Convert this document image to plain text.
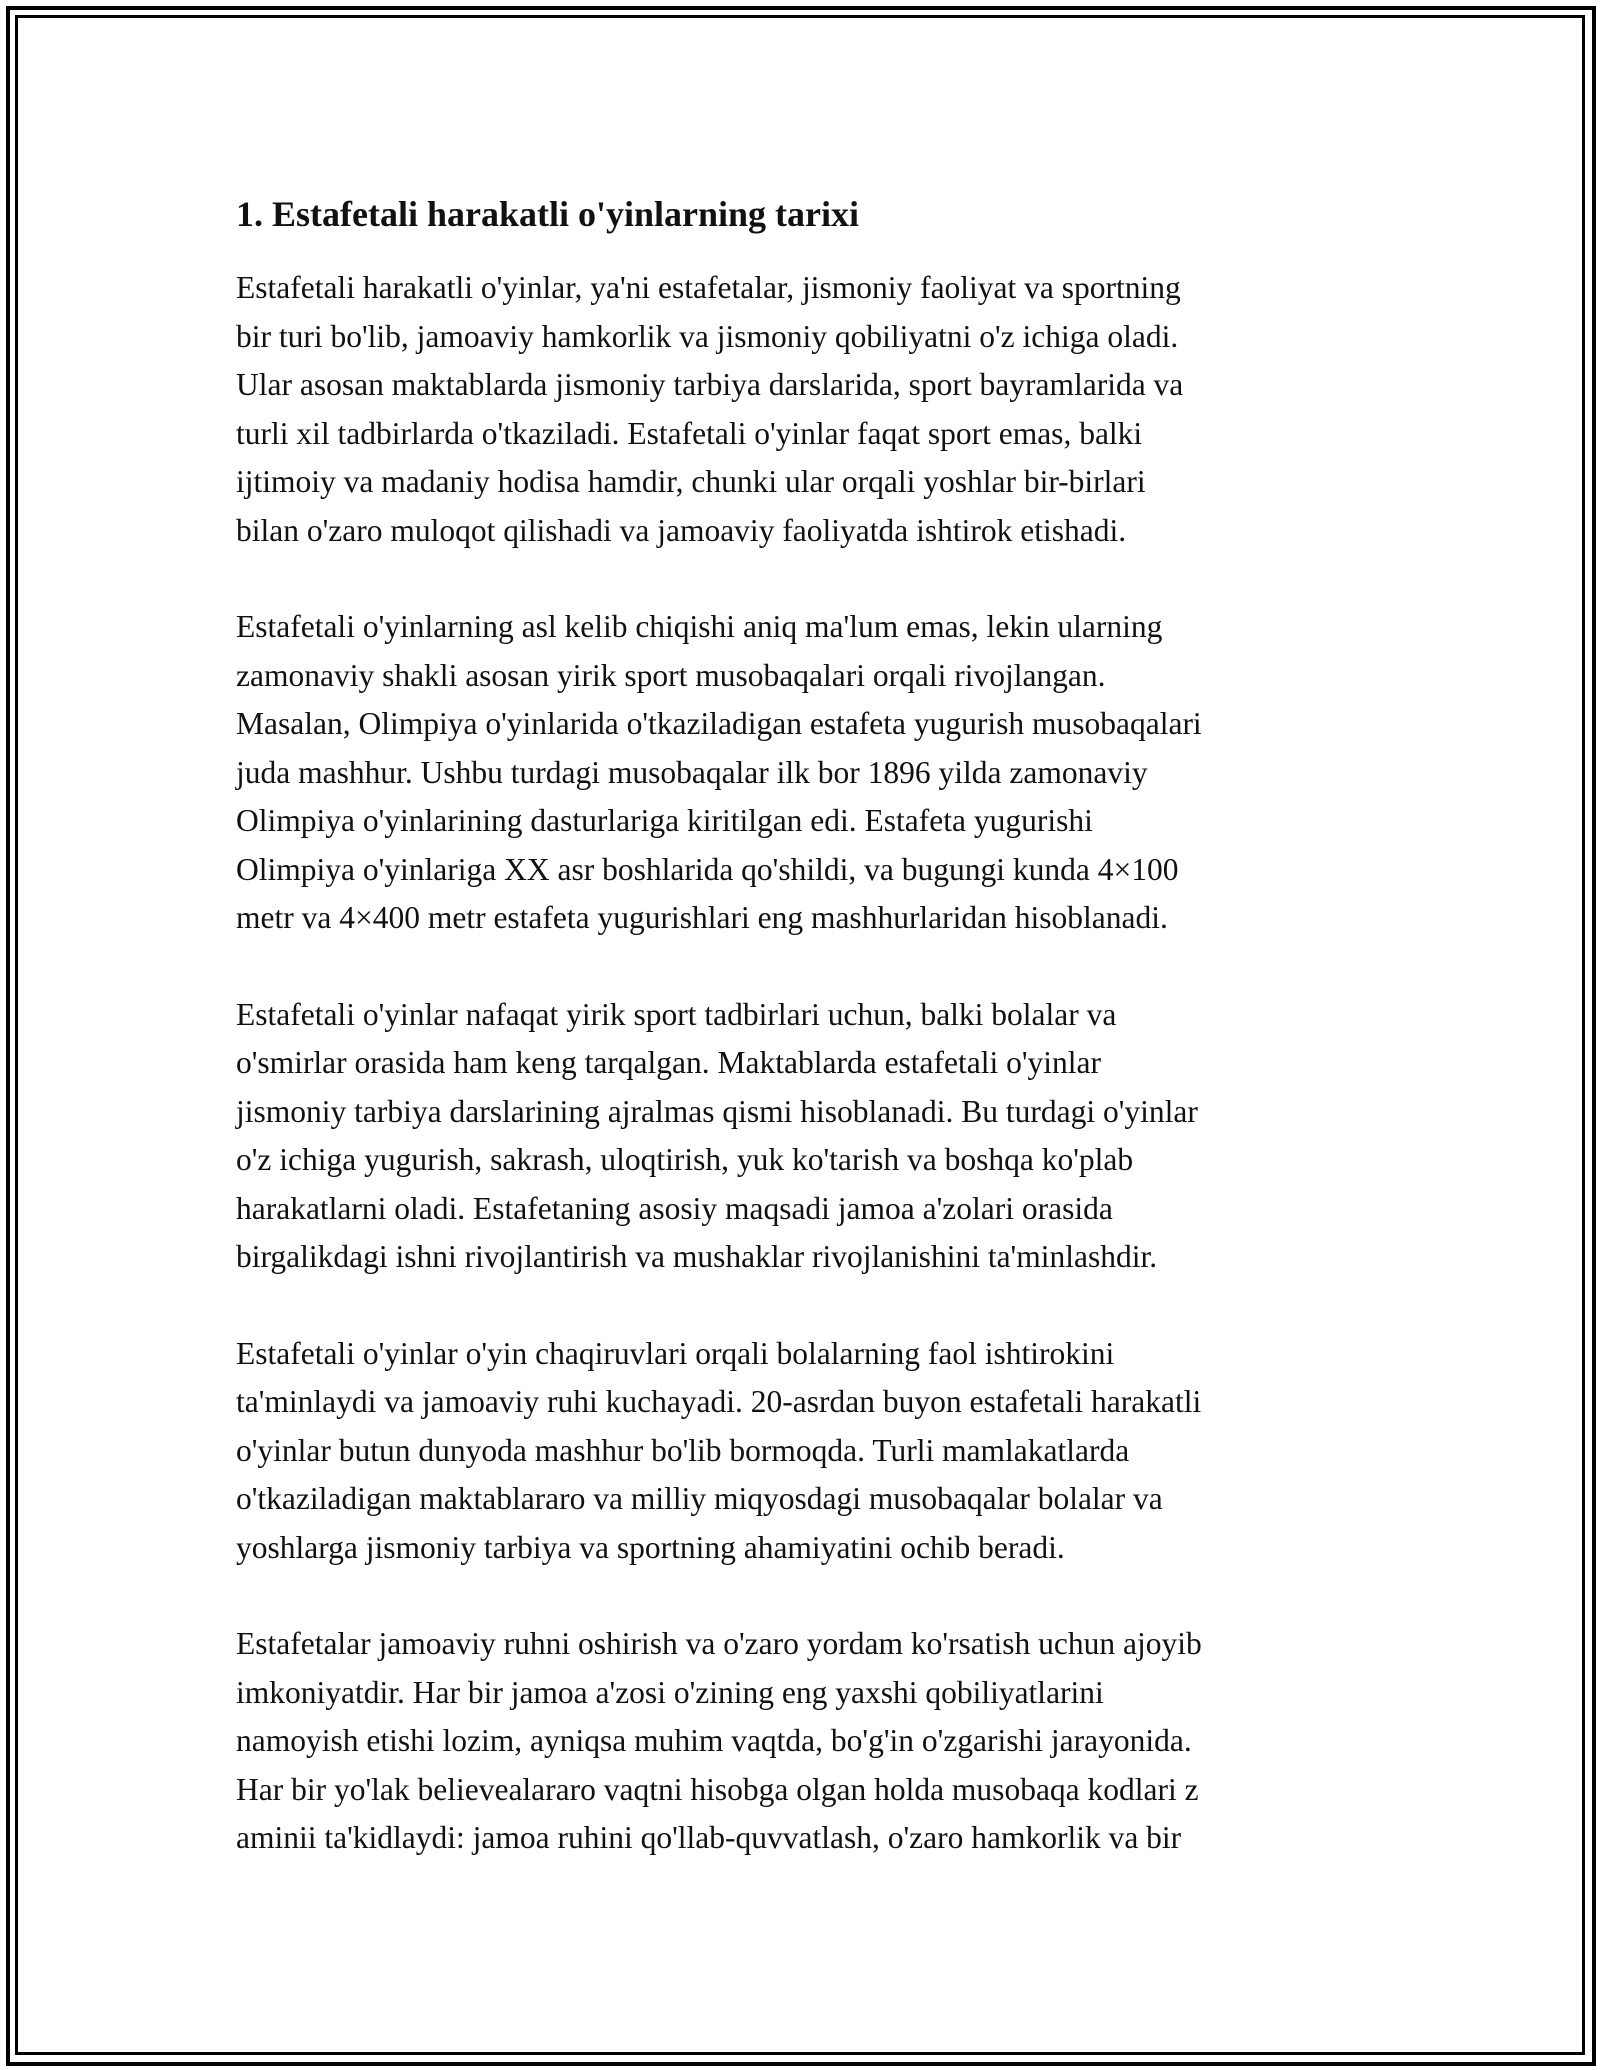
1. Estafetali harakatli o'yinlarning tarixi

Estafetali harakatli o'yinlar, ya'ni estafetalar, jismoniy faoliyat va sportning
bir turi bo'lib, jamoaviy hamkorlik va jismoniy qobiliyatni o'z ichiga oladi.
Ular asosan maktablarda jismoniy tarbiya darslarida, sport bayramlarida va
turli xil tadbirlarda o'tkaziladi. Estafetali o'yinlar faqat sport emas, balki
ijtimoiy va madaniy hodisa hamdir, chunki ular orqali yoshlar bir-birlari
bilan o'zaro muloqot qilishadi va jamoaviy faoliyatda ishtirok etishadi.

Estafetali o'yinlarning asl kelib chiqishi aniq ma'lum emas, lekin ularning
zamonaviy shakli asosan yirik sport musobaqalari orqali rivojlangan.
Masalan, Olimpiya o'yinlarida o'tkaziladigan estafeta yugurish musobaqalari
juda mashhur. Ushbu turdagi musobaqalar ilk bor 1896 yilda zamonaviy
Olimpiya o'yinlarining dasturlariga kiritilgan edi. Estafeta yugurishi
Olimpiya o'yinlariga XX asr boshlarida qo'shildi, va bugungi kunda 4×100
metr va 4×400 metr estafeta yugurishlari eng mashhurlaridan hisoblanadi.

Estafetali o'yinlar nafaqat yirik sport tadbirlari uchun, balki bolalar va
o'smirlar orasida ham keng tarqalgan. Maktablarda estafetali o'yinlar
jismoniy tarbiya darslarining ajralmas qismi hisoblanadi. Bu turdagi o'yinlar
o'z ichiga yugurish, sakrash, uloqtirish, yuk ko'tarish va boshqa ko'plab
harakatlarni oladi. Estafetaning asosiy maqsadi jamoa a'zolari orasida
birgalikdagi ishni rivojlantirish va mushaklar rivojlanishini ta'minlashdir.

Estafetali o'yinlar o'yin chaqiruvlari orqali bolalarning faol ishtirokini
ta'minlaydi va jamoaviy ruhi kuchayadi. 20-asrdan buyon estafetali harakatli
o'yinlar butun dunyoda mashhur bo'lib bormoqda. Turli mamlakatlarda
o'tkaziladigan maktablararo va milliy miqyosdagi musobaqalar bolalar va
yoshlarga jismoniy tarbiya va sportning ahamiyatini ochib beradi.

Estafetalar jamoaviy ruhni oshirish va o'zaro yordam ko'rsatish uchun ajoyib
imkoniyatdir. Har bir jamoa a'zosi o'zining eng yaxshi qobiliyatlarini
namoyish etishi lozim, ayniqsa muhim vaqtda, bo'g'in o'zgarishi jarayonida.
Har bir yo'lak believealararo vaqtni hisobga olgan holda musobaqa kodlari z
aminii ta'kidlaydi: jamoa ruhini qo'llab-quvvatlash, o'zaro hamkorlik va bir
